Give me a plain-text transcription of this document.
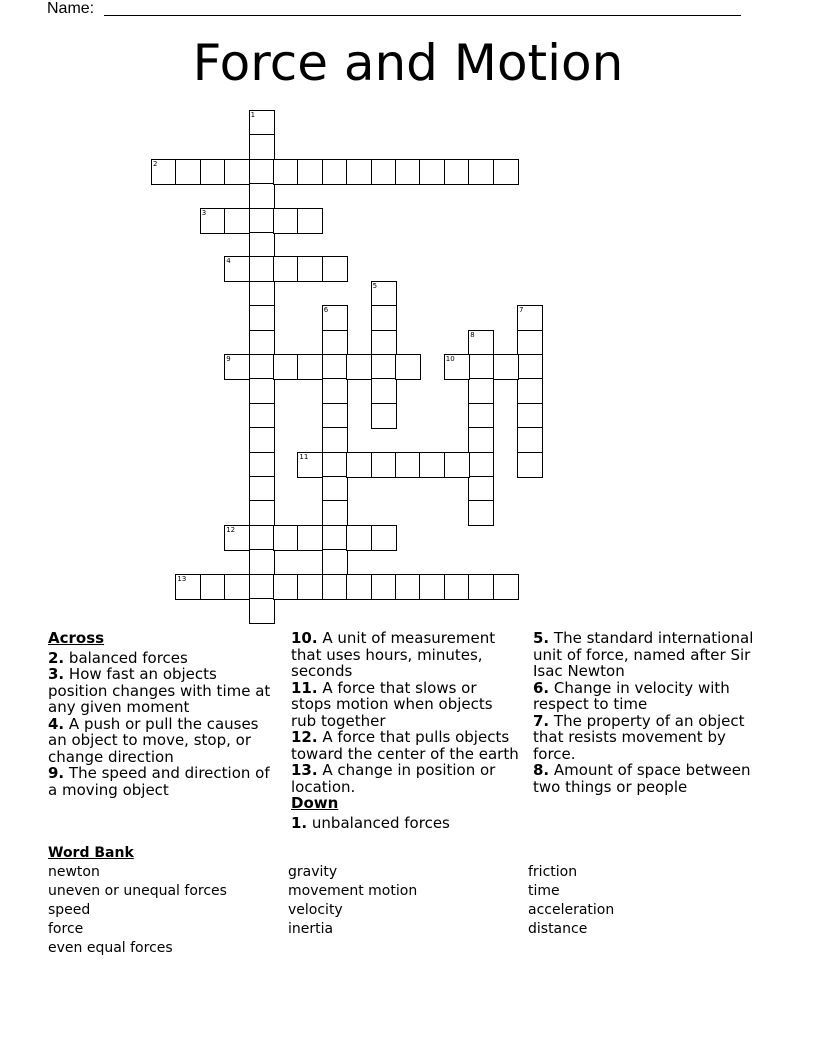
Name:
Force and Motion
1
2
3
4
5
6	7
8
9	10
11
12
13
Across
2. balanced forces
3. How fast an objects position changes with time at any given moment
4. A push or pull the causes an object to move, stop, or change direction
9. The speed and direction of a moving object
10. A unit of measurement that uses hours, minutes, seconds
11. A force that slows or stops motion when objects rub together
12. A force that pulls objects toward the center of the earth
13. A change in position or location.
Down
1. unbalanced forces
5. The standard international unit of force, named after Sir Isac Newton
6. Change in velocity with respect to time
7. The property of an object that resists movement by force.
8. Amount of space between two things or people
Word Bank
newton
uneven or unequal forces
speed
force
even equal forces
gravity
movement motion
velocity
inertia
friction
time
acceleration
distance
